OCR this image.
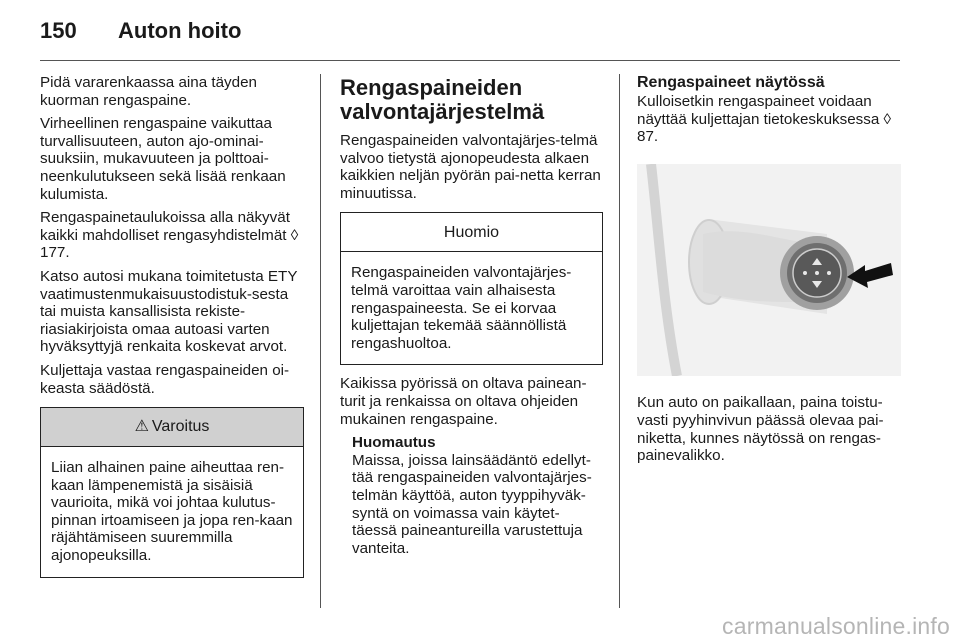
150	Auton hoito

Pidä vararenkaassa aina täyden kuorman rengaspaine.

Virheellinen rengaspaine vaikuttaa turvallisuuteen, auton ajo-ominai-suuksiin, mukavuuteen ja polttoai-neenkulutukseen sekä lisää renkaan kulumista.

Rengaspainetaulukoissa alla näkyvät kaikki mahdolliset rengasyhdistelmät ◊ 177.

Katso autosi mukana toimitetusta ETY vaatimustenmukaisuustodistuk-sesta tai muista kansallisista rekiste-riasiakirjoista omaa autoasi varten hyväksyttyjä renkaita koskevat arvot.

Kuljettaja vastaa rengaspaineiden oi-keasta säädöstä.

⚠ Varoitus
Liian alhainen paine aiheuttaa ren-kaan lämpenemistä ja sisäisiä vaurioita, mikä voi johtaa kulutus-pinnan irtoamiseen ja jopa ren-kaan räjähtämiseen suuremmilla ajonopeuksilla.
Rengaspaineiden valvontajärjestelmä

Rengaspaineiden valvontajärjes-telmä valvoo tietystä ajonopeudesta alkaen kaikkien neljän pyörän pai-netta kerran minuutissa.

Huomio
Rengaspaineiden valvontajärjes-telmä varoittaa vain alhaisesta rengaspaineesta. Se ei korvaa kuljettajan tekemää säännöllistä rengashuoltoa.

Kaikissa pyörissä on oltava painean-turit ja renkaissa on oltava ohjeiden mukainen rengaspaine.

Huomautus
Maissa, joissa lainsäädäntö edellyt-tää rengaspaineiden valvontajärjes-telmän käyttöä, auton tyyppihyväk-syntä on voimassa vain käytet-täessä paineantureilla varustettuja vanteita.
Rengaspaineet näytössä

Kulloisetkin rengaspaineet voidaan näyttää kuljettajan tietokeskuksessa ◊ 87.

Kun auto on paikallaan, paina toistu-vasti pyyhinvivun päässä olevaa pai-niketta, kunnes näytössä on rengas-painevalikko.

carmanualsonline.info
